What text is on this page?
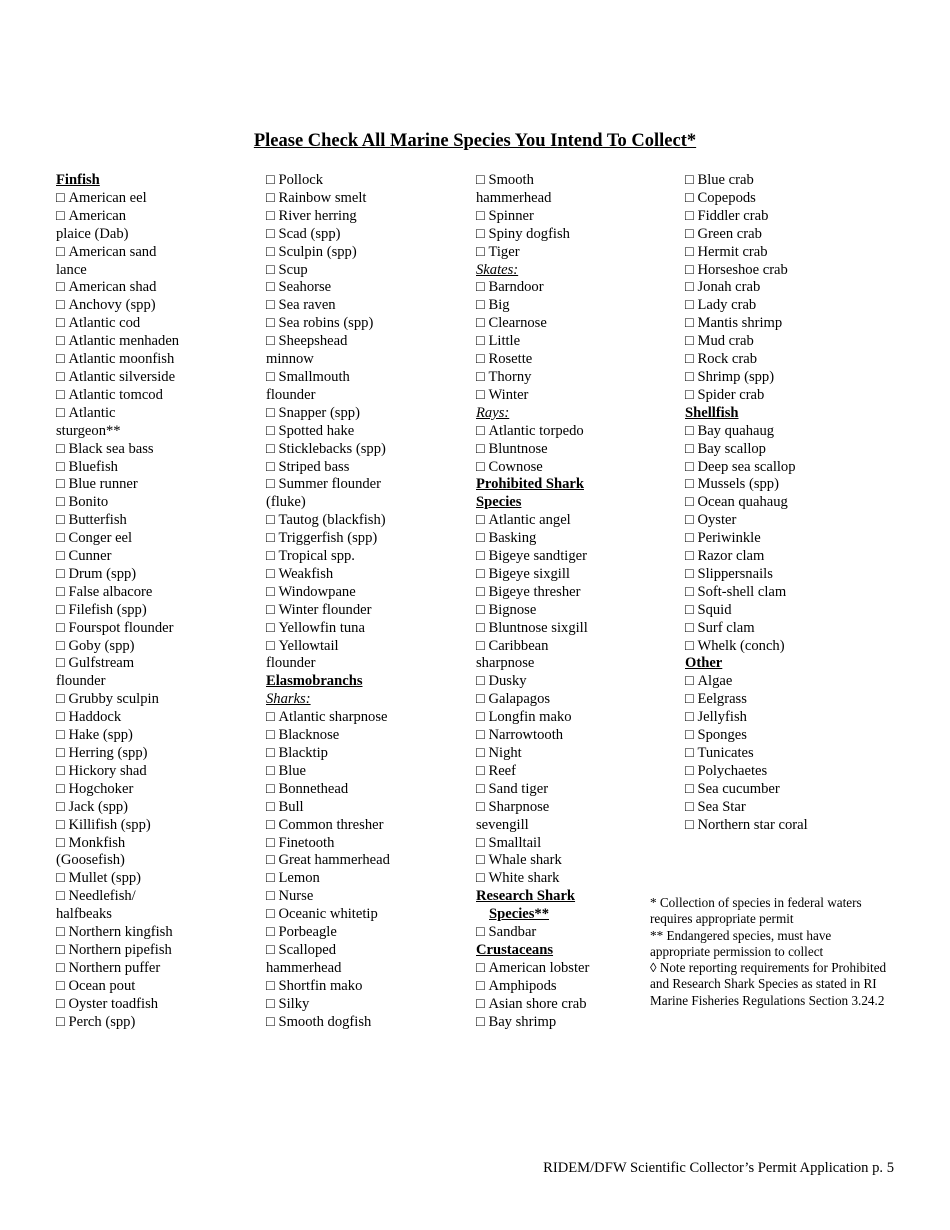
Please Check All Marine Species You Intend To Collect*
Finfish
□ American eel
□ American
plaice (Dab)
□ American sand
lance
□ American shad
□ Anchovy (spp)
□ Atlantic cod
□ Atlantic menhaden
□ Atlantic moonfish
□ Atlantic silverside
□ Atlantic tomcod
□ Atlantic
sturgeon**
□ Black sea bass
□ Bluefish
□ Blue runner
□ Bonito
□ Butterfish
□ Conger eel
□ Cunner
□ Drum (spp)
□ False albacore
□ Filefish (spp)
□ Fourspot flounder
□ Goby (spp)
□ Gulfstream
flounder
□ Grubby sculpin
□ Haddock
□ Hake (spp)
□ Herring (spp)
□ Hickory shad
□ Hogchoker
□ Jack (spp)
□ Killifish (spp)
□ Monkfish
(Goosefish)
□ Mullet (spp)
□ Needlefish/
halfbeaks
□ Northern kingfish
□ Northern pipefish
□ Northern puffer
□ Ocean pout
□ Oyster toadfish
□ Perch (spp)
□ Pollock
□ Rainbow smelt
□ River herring
□ Scad (spp)
□ Sculpin (spp)
□ Scup
□ Seahorse
□ Sea raven
□ Sea robins (spp)
□ Sheepshead
minnow
□ Smallmouth
flounder
□ Snapper (spp)
□ Spotted hake
□ Sticklebacks (spp)
□ Striped bass
□ Summer flounder
(fluke)
□ Tautog (blackfish)
□ Triggerfish (spp)
□ Tropical spp.
□ Weakfish
□ Windowpane
□ Winter flounder
□ Yellowfin tuna
□ Yellowtail
flounder
Elasmobranchs
Sharks:
□ Atlantic sharpnose
□ Blacknose
□ Blacktip
□ Blue
□ Bonnethead
□ Bull
□ Common thresher
□ Finetooth
□ Great hammerhead
□ Lemon
□ Nurse
□ Oceanic whitetip
□ Porbeagle
□ Scalloped
hammerhead
□ Shortfin mako
□ Silky
□ Smooth dogfish
□ Smooth
hammerhead
□ Spinner
□ Spiny dogfish
□ Tiger
Skates:
□ Barndoor
□ Big
□ Clearnose
□ Little
□ Rosette
□ Thorny
□ Winter
Rays:
□ Atlantic torpedo
□ Bluntnose
□ Cownose
Prohibited Shark
Species
□ Atlantic angel
□ Basking
□ Bigeye sandtiger
□ Bigeye sixgill
□ Bigeye thresher
□ Bignose
□ Bluntnose sixgill
□ Caribbean
sharpnose
□ Dusky
□ Galapagos
□ Longfin mako
□ Narrowtooth
□ Night
□ Reef
□ Sand tiger
□ Sharpnose
sevengill
□ Smalltail
□ Whale shark
□ White shark
Research Shark
Species**
□ Sandbar
Crustaceans
□ American lobster
□ Amphipods
□ Asian shore crab
□ Bay shrimp
□ Blue crab
□ Copepods
□ Fiddler crab
□ Green crab
□ Hermit crab
□ Horseshoe crab
□ Jonah crab
□ Lady crab
□ Mantis shrimp
□ Mud crab
□ Rock crab
□ Shrimp (spp)
□ Spider crab
Shellfish
□ Bay quahaug
□ Bay scallop
□ Deep sea scallop
□ Mussels (spp)
□ Ocean quahaug
□ Oyster
□ Periwinkle
□ Razor clam
□ Slippersnails
□ Soft-shell clam
□ Squid
□ Surf clam
□ Whelk (conch)
Other
□ Algae
□ Eelgrass
□ Jellyfish
□ Sponges
□ Tunicates
□ Polychaetes
□ Sea cucumber
□ Sea Star
□ Northern star coral
* Collection of species in federal waters
requires appropriate permit
** Endangered species, must have
appropriate permission to collect
◊ Note reporting requirements for Prohibited
and Research Shark Species as stated in RI
Marine Fisheries Regulations Section 3.24.2
RIDEM/DFW Scientific Collector’s Permit Application p. 5
